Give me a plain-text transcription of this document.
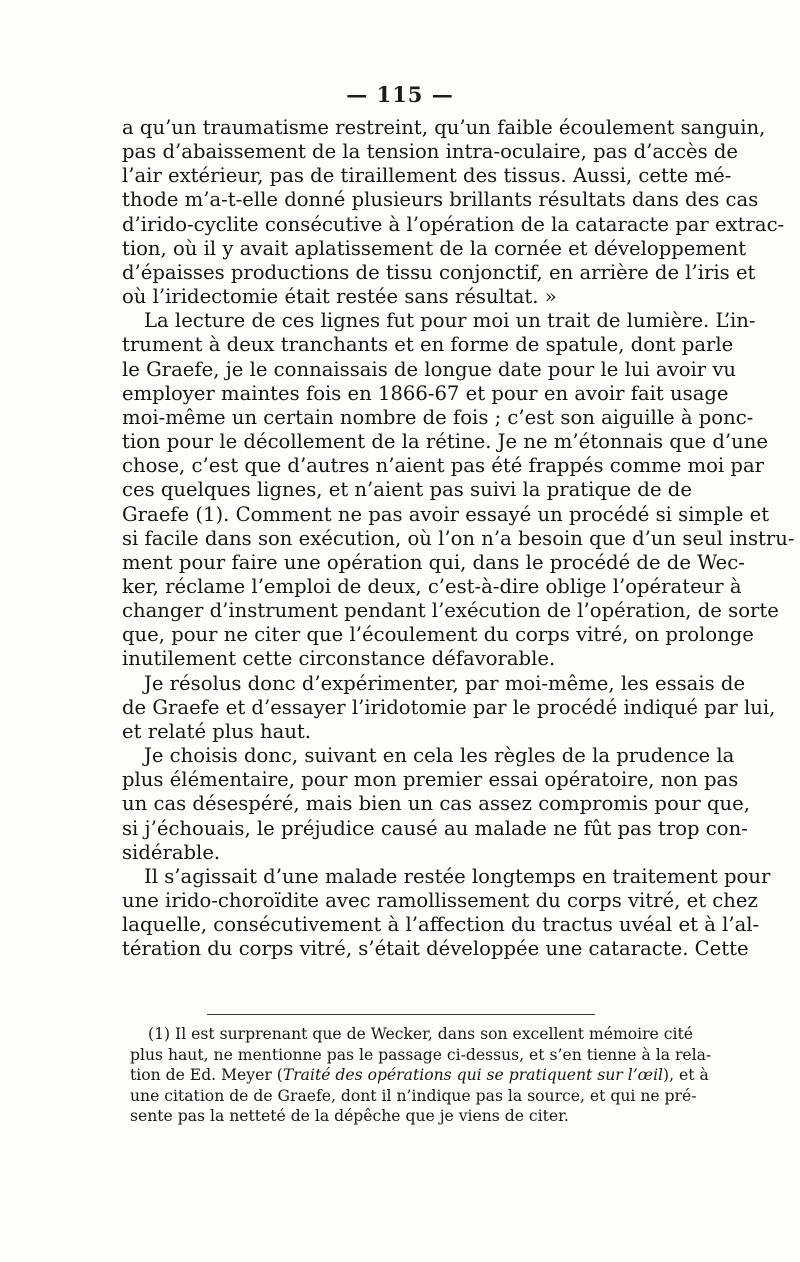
— 115 —
a qu’un traumatisme restreint, qu’un faible écoulement sanguin,
pas d’abaissement de la tension intra-oculaire, pas d’accès de
l’air extérieur, pas de tiraillement des tissus. Aussi, cette mé-
thode m’a-t-elle donné plusieurs brillants résultats dans des cas
d’irido-cyclite consécutive à l’opération de la cataracte par extrac-
tion, où il y avait aplatissement de la cornée et développement
d’épaisses productions de tissu conjonctif, en arrière de l’iris et
où l’iridectomie était restée sans résultat. »
La lecture de ces lignes fut pour moi un trait de lumière. L’in-
trument à deux tranchants et en forme de spatule, dont parle
le Graefe, je le connaissais de longue date pour le lui avoir vu
employer maintes fois en 1866-67 et pour en avoir fait usage
moi-même un certain nombre de fois ; c’est son aiguille à ponc-
tion pour le décollement de la rétine. Je ne m’étonnais que d’une
chose, c’est que d’autres n’aient pas été frappés comme moi par
ces quelques lignes, et n’aient pas suivi la pratique de de
Graefe (1). Comment ne pas avoir essayé un procédé si simple et
si facile dans son exécution, où l’on n’a besoin que d’un seul instru-
ment pour faire une opération qui, dans le procédé de de Wec-
ker, réclame l’emploi de deux, c’est-à-dire oblige l’opérateur à
changer d’instrument pendant l’exécution de l’opération, de sorte
que, pour ne citer que l’écoulement du corps vitré, on prolonge
inutilement cette circonstance défavorable.
Je résolus donc d’expérimenter, par moi-même, les essais de
de Graefe et d’essayer l’iridotomie par le procédé indiqué par lui,
et relaté plus haut.
Je choisis donc, suivant en cela les règles de la prudence la
plus élémentaire, pour mon premier essai opératoire, non pas
un cas désespéré, mais bien un cas assez compromis pour que,
si j’échouais, le préjudice causé au malade ne fût pas trop con-
sidérable.
Il s’agissait d’une malade restée longtemps en traitement pour
une irido-choroïdite avec ramollissement du corps vitré, et chez
laquelle, consécutivement à l’affection du tractus uvéal et à l’al-
tération du corps vitré, s’était développée une cataracte. Cette
(1) Il est surprenant que de Wecker, dans son excellent mémoire cité
plus haut, ne mentionne pas le passage ci-dessus, et s’en tienne à la rela-
tion de Ed. Meyer (Traité des opérations qui se pratiquent sur l’œil), et à
une citation de de Graefe, dont il n’indique pas la source, et qui ne pré-
sente pas la netteté de la dépêche que je viens de citer.
